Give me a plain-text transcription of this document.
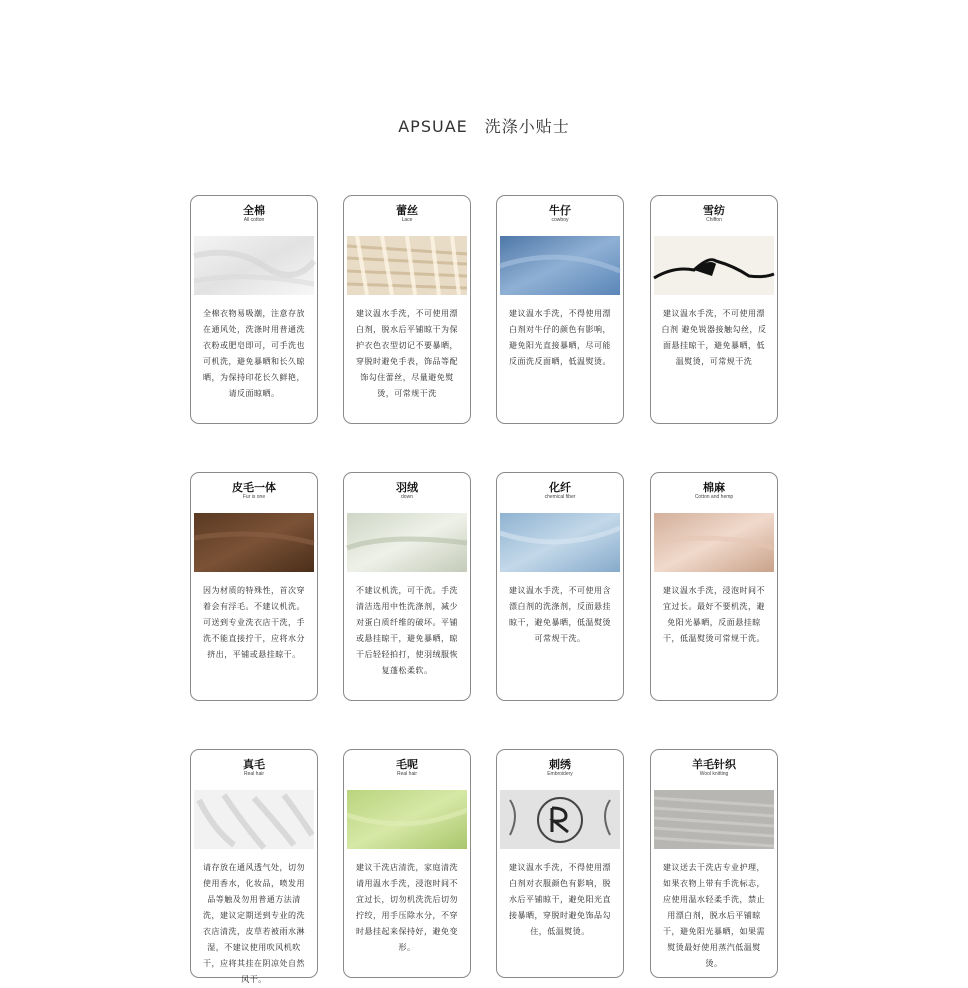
APSUAE　洗涤小贴士
全棉
All cotton
全棉衣物易吸潮，注意存放在通风处，洗涤时用普通洗衣粉或肥皂即可，可手洗也可机洗，避免暴晒和长久晾晒，为保持印花长久鲜艳，请反面晾晒。
蕾丝
Lace
建议温水手洗，不可使用漂白剂，脱水后平铺晾干为保护衣色衣型切记不要暴晒，穿脱时避免手表，饰品等配饰勾住蕾丝，尽量避免熨烫，可常规干洗
牛仔
cowboy
建议温水手洗，不得使用漂白剂对牛仔的颜色有影响，避免阳光直接暴晒，尽可能反面洗反面晒，低温熨烫。
雪纺
Chiffon
建议温水手洗，不可使用漂白剂 避免锐器接触勾丝，反面悬挂晾干，避免暴晒，低温熨烫，可常规干洗
皮毛一体
Fur is one
因为材质的特殊性，首次穿着会有浮毛。不建议机洗。可送到专业洗衣店干洗，手洗不能直接拧干，应将水分挤出，平铺或悬挂晾干。
羽绒
down
不建议机洗，可干洗。手洗清洁选用中性洗涤剂，减少对蛋白质纤维的破坏。平铺或悬挂晾干，避免暴晒，晾干后轻轻拍打，使羽绒服恢复蓬松柔软。
化纤
chemical fiber
建议温水手洗，不可使用含漂白剂的洗涤剂，反面悬挂晾干，避免暴晒，低温熨烫可常规干洗。
棉麻
Cotton and hemp
建议温水手洗，浸泡时间不宜过长。最好不要机洗，避免阳光暴晒，反面悬挂晾干，低温熨烫可常规干洗。
真毛
Real hair
请存放在通风透气处，切勿使用香水，化妆品，喷发用品等触及勿用普通方法清洗，建议定期送到专业的洗衣店清洗，皮草若被雨水淋湿，不建议使用吹风机吹干，应将其挂在阴凉处自然风干。
毛呢
Real hair
建议干洗店清洗，家庭清洗请用温水手洗，浸泡时间不宜过长，切勿机洗洗后切勿拧绞，用手压除水分，不穿时悬挂起来保持好，避免变形。
刺绣
Embroidery
建议温水手洗，不得使用漂白剂对衣服颜色有影响，脱水后平铺晾干，避免阳光直接暴晒，穿脱时避免饰品勾住，低温熨烫。
羊毛针织
Wool knitting
建议送去干洗店专业护理，如果衣物上带有手洗标志，应使用温水轻柔手洗，禁止用漂白剂，脱水后平铺晾干，避免阳光暴晒，如果需熨烫最好使用蒸汽低温熨烫。
